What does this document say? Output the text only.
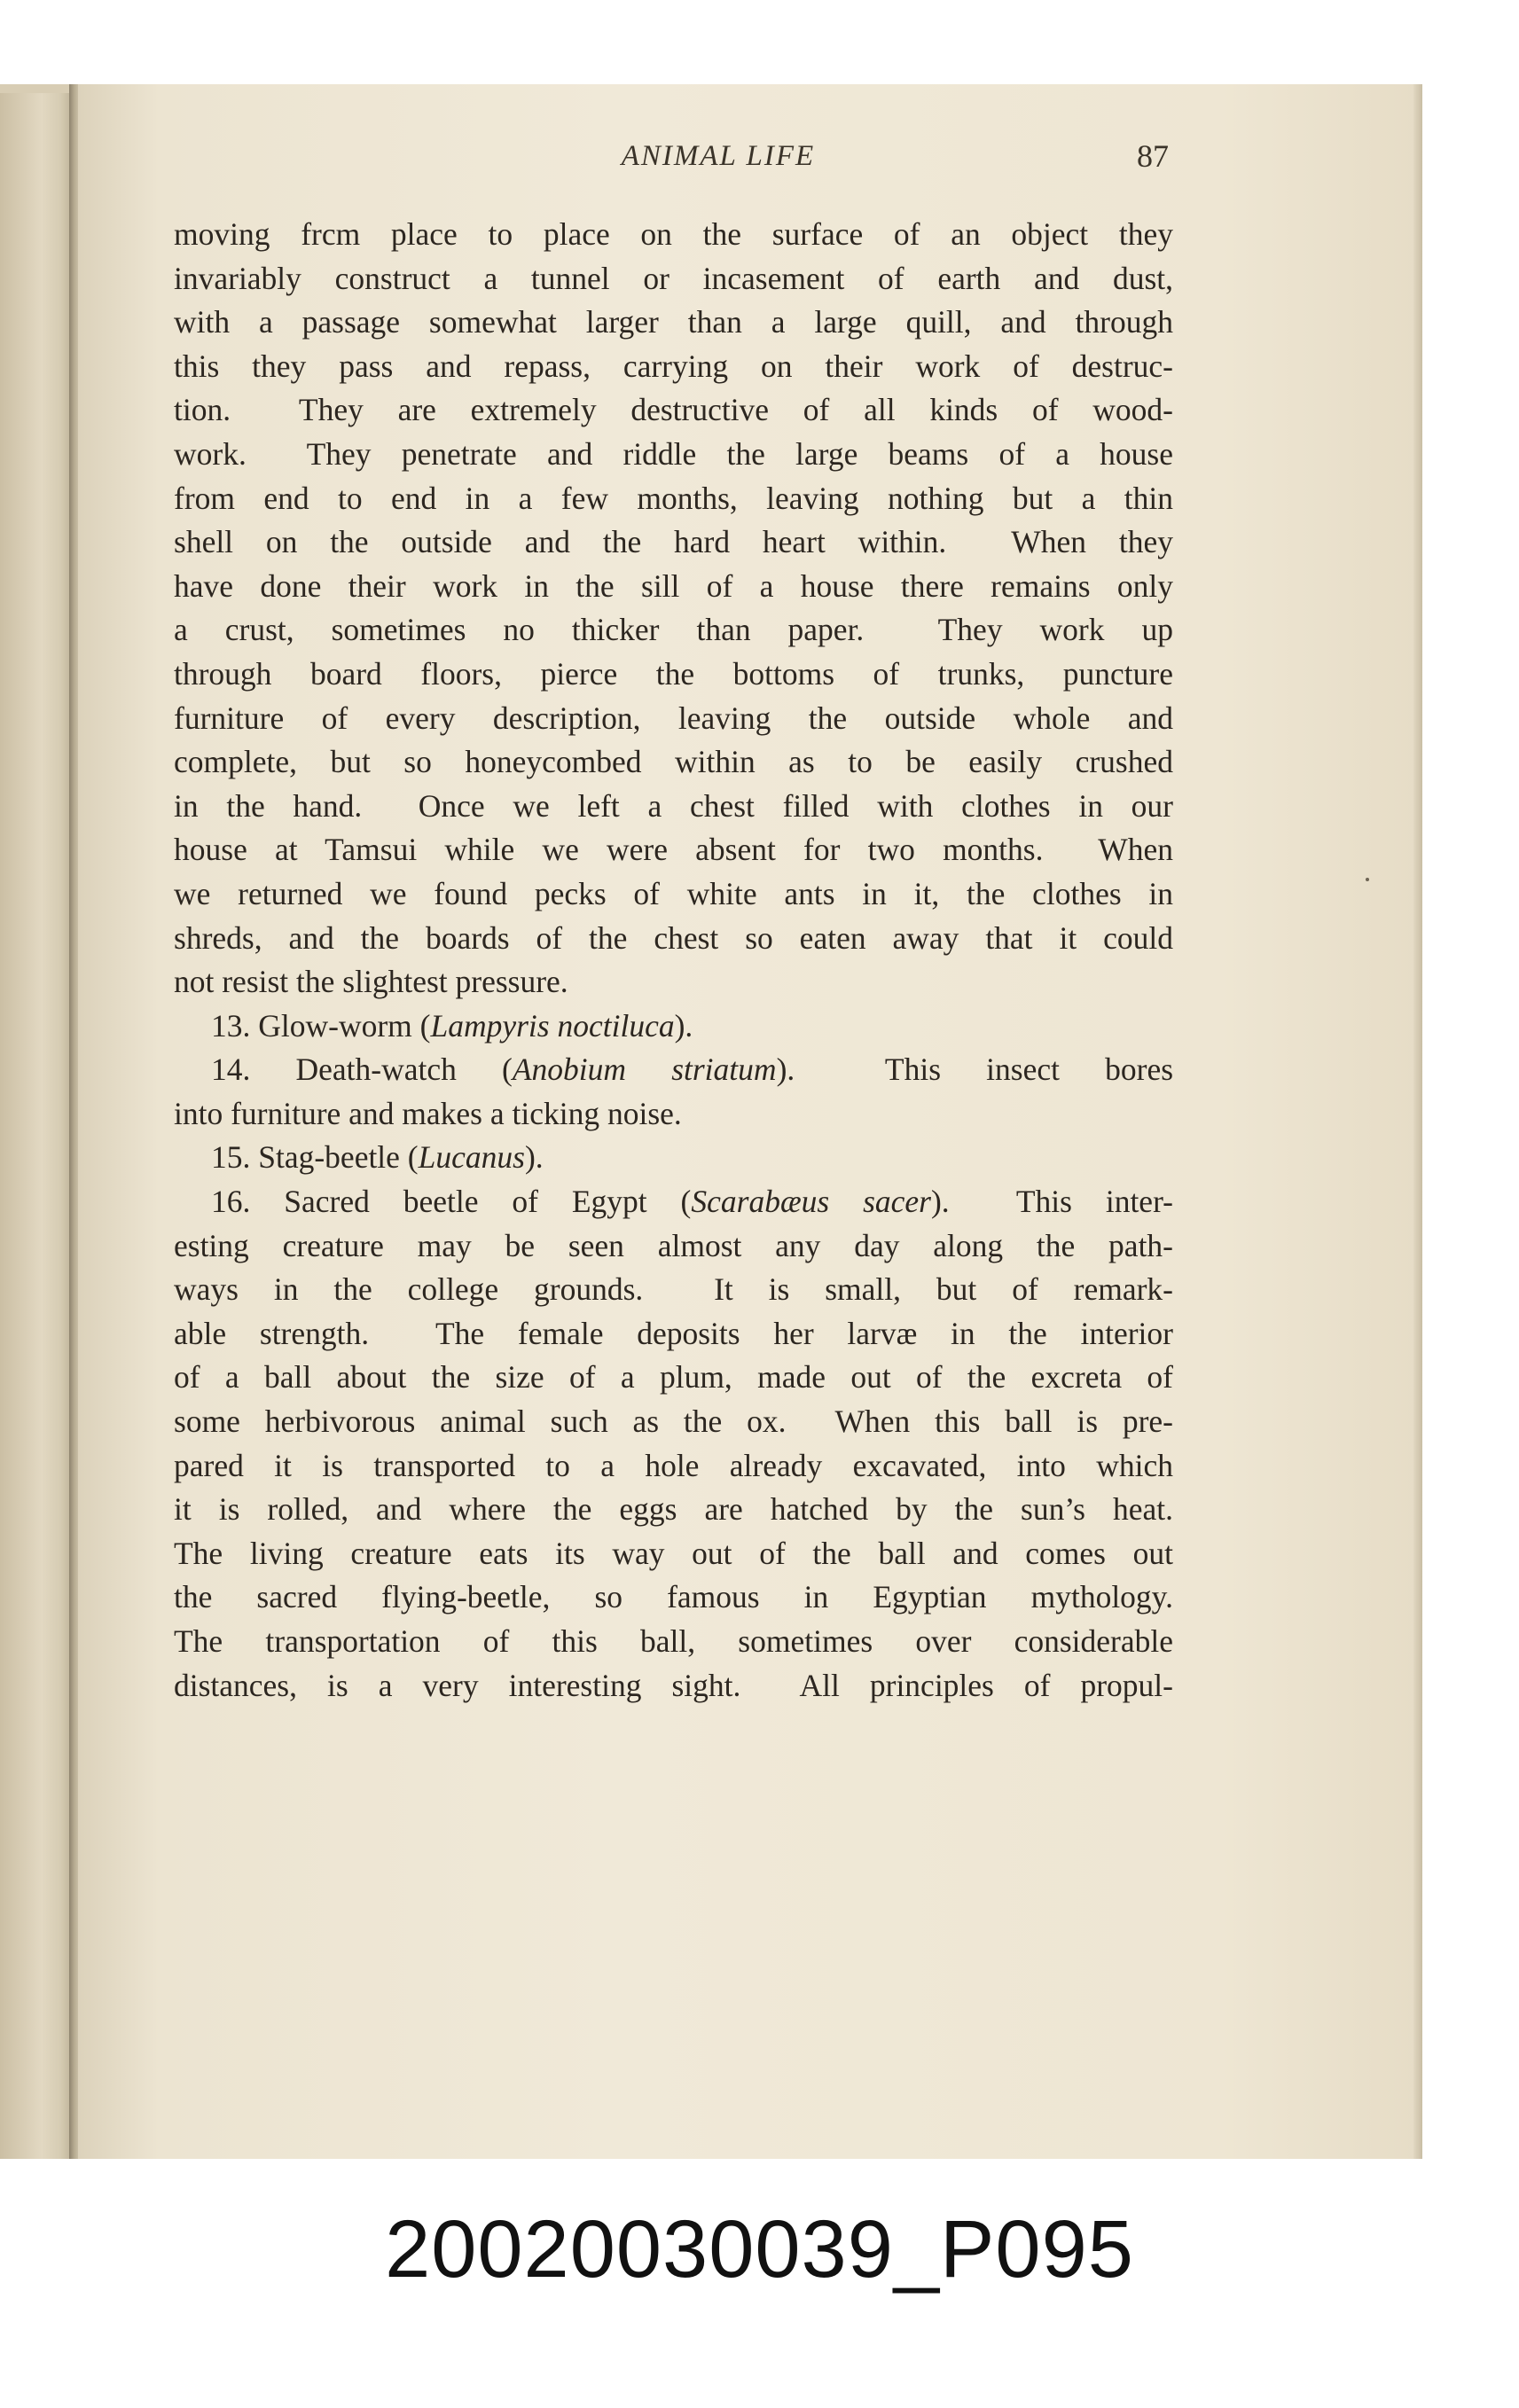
ANIMAL LIFE	87
moving frcm place to place on the surface of an object they
invariably construct a tunnel or incasement of earth and dust,
with a passage somewhat larger than a large quill, and through
this they pass and repass, carrying on their work of destruc-
tion.  They are extremely destructive of all kinds of wood-
work.  They penetrate and riddle the large beams of a house
from end to end in a few months, leaving nothing but a thin
shell on the outside and the hard heart within.  When they
have done their work in the sill of a house there remains only
a crust, sometimes no thicker than paper.  They work up
through board floors, pierce the bottoms of trunks, puncture
furniture of every description, leaving the outside whole and
complete, but so honeycombed within as to be easily crushed
in the hand.  Once we left a chest filled with clothes in our
house at Tamsui while we were absent for two months.  When
we returned we found pecks of white ants in it, the clothes in
shreds, and the boards of the chest so eaten away that it could
not resist the slightest pressure.
13. Glow-worm (Lampyris noctiluca).
14. Death-watch (Anobium striatum).  This insect bores
into furniture and makes a ticking noise.
15. Stag-beetle (Lucanus).
16. Sacred beetle of Egypt (Scarabæus sacer).  This inter-
esting creature may be seen almost any day along the path-
ways in the college grounds.  It is small, but of remark-
able strength.  The female deposits her larvæ in the interior
of a ball about the size of a plum, made out of the excreta of
some herbivorous animal such as the ox.  When this ball is pre-
pared it is transported to a hole already excavated, into which
it is rolled, and where the eggs are hatched by the sun’s heat.
The living creature eats its way out of the ball and comes out
the sacred flying-beetle, so famous in Egyptian mythology.
The transportation of this ball, sometimes over considerable
distances, is a very interesting sight.  All principles of propul-
20020030039_P095
